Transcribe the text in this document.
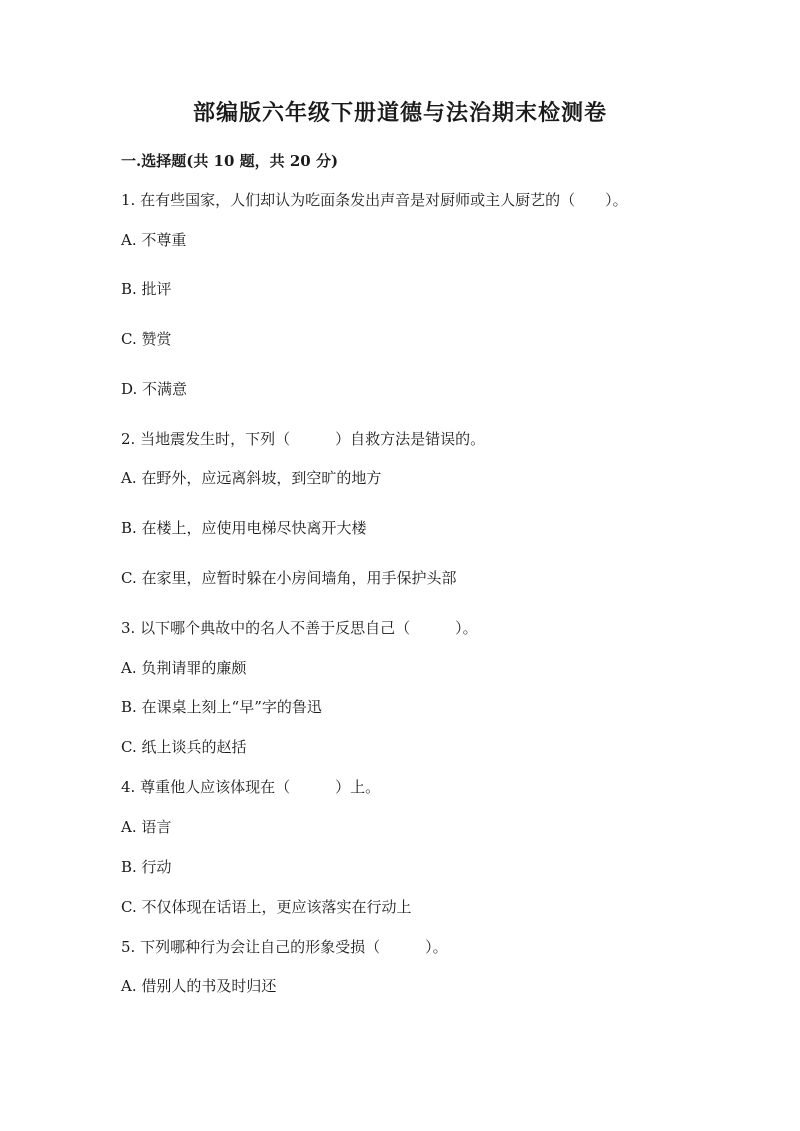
部编版六年级下册道德与法治期末检测卷
一.选择题(共 10 题，共 20 分)
1. 在有些国家，人们却认为吃面条发出声音是对厨师或主人厨艺的（　　）。
A. 不尊重
B. 批评
C. 赞赏
D. 不满意
2. 当地震发生时，下列（　　　）自救方法是错误的。
A. 在野外，应远离斜坡，到空旷的地方
B. 在楼上，应使用电梯尽快离开大楼
C. 在家里，应暂时躲在小房间墙角，用手保护头部
3. 以下哪个典故中的名人不善于反思自己（　　　）。
A. 负荆请罪的廉颇
B. 在课桌上刻上“早”字的鲁迅
C. 纸上谈兵的赵括
4. 尊重他人应该体现在（　　　）上。
A. 语言
B. 行动
C. 不仅体现在话语上，更应该落实在行动上
5. 下列哪种行为会让自己的形象受损（　　　）。
A. 借别人的书及时归还
